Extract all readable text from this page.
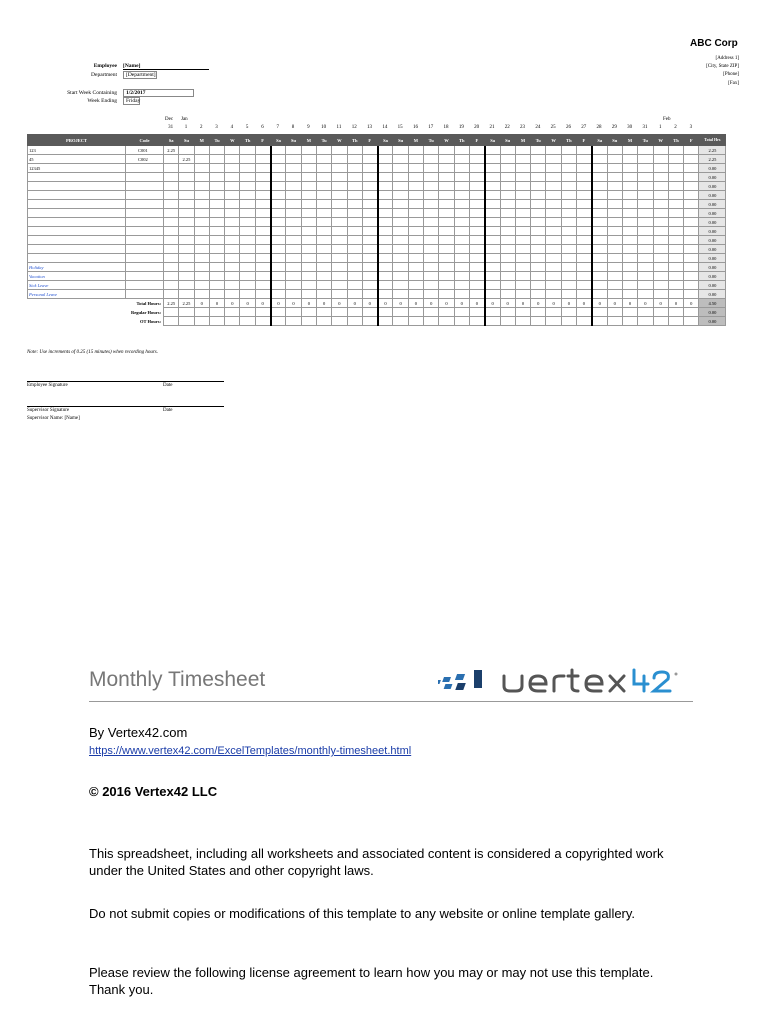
ABC Corp
[Address 1]
[City, State ZIP]
[Phone]
[Fax]
Employee [Name]
Department	[Department]
Start Week Containing	1/2/2017
Week Ending	Friday
Dec Jan	Feb
31	1	2	3	4	5	6	7	8	9	10	11	12	13	14	15	16	17	18	19	20	21	22	23	24	25	26	27	28	29	30	31	1	2	3
PROJECT	Code	Sa	Su	M	Tu	W	Th	F	Sa	Su	M	Tu	W	Th	F	Sa	Su	M	Tu	W	Th	F	Sa	Su	M	Tu	W	Th	F	Sa	Su	M	Tu	W	Th	F	Total Hrs
123	C001	2.25																																			2.25
45	C002		2.25																																		2.25
12345																																					0.00
																																					0.00
																																					0.00
																																					0.00
																																					0.00
																																					0.00
																																					0.00
																																					0.00
																																					0.00
																																					0.00
																																					0.00
Holiday																																					0.00
Vacation																																					0.00
Sick Leave																																					0.00
Personal Leave																																					0.00
Total Hours:		2.25	2.25	0	0	0	0	0	0	0	0	0	0	0	0	0	0	0	0	0	0	0	0	0	0	0	0	0	0	0	0	0	0	0	0	0	4.50
Regular Hours:																																					0.00
OT Hours:																																					0.00
Note: Use increments of 0.25 (15 minutes) when recording hours.
Employee Signature	Date
Supervisor Signature	Date
Supervisor Name: [Name]
Monthly Timesheet
By Vertex42.com
https://www.vertex42.com/ExcelTemplates/monthly-timesheet.html
© 2016 Vertex42 LLC
This spreadsheet, including all worksheets and associated content is considered a copyrighted work under the United States and other copyright laws.
Do not submit copies or modifications of this template to any website or online template gallery.
Please review the following license agreement to learn how you may or may not use this template. Thank you.
